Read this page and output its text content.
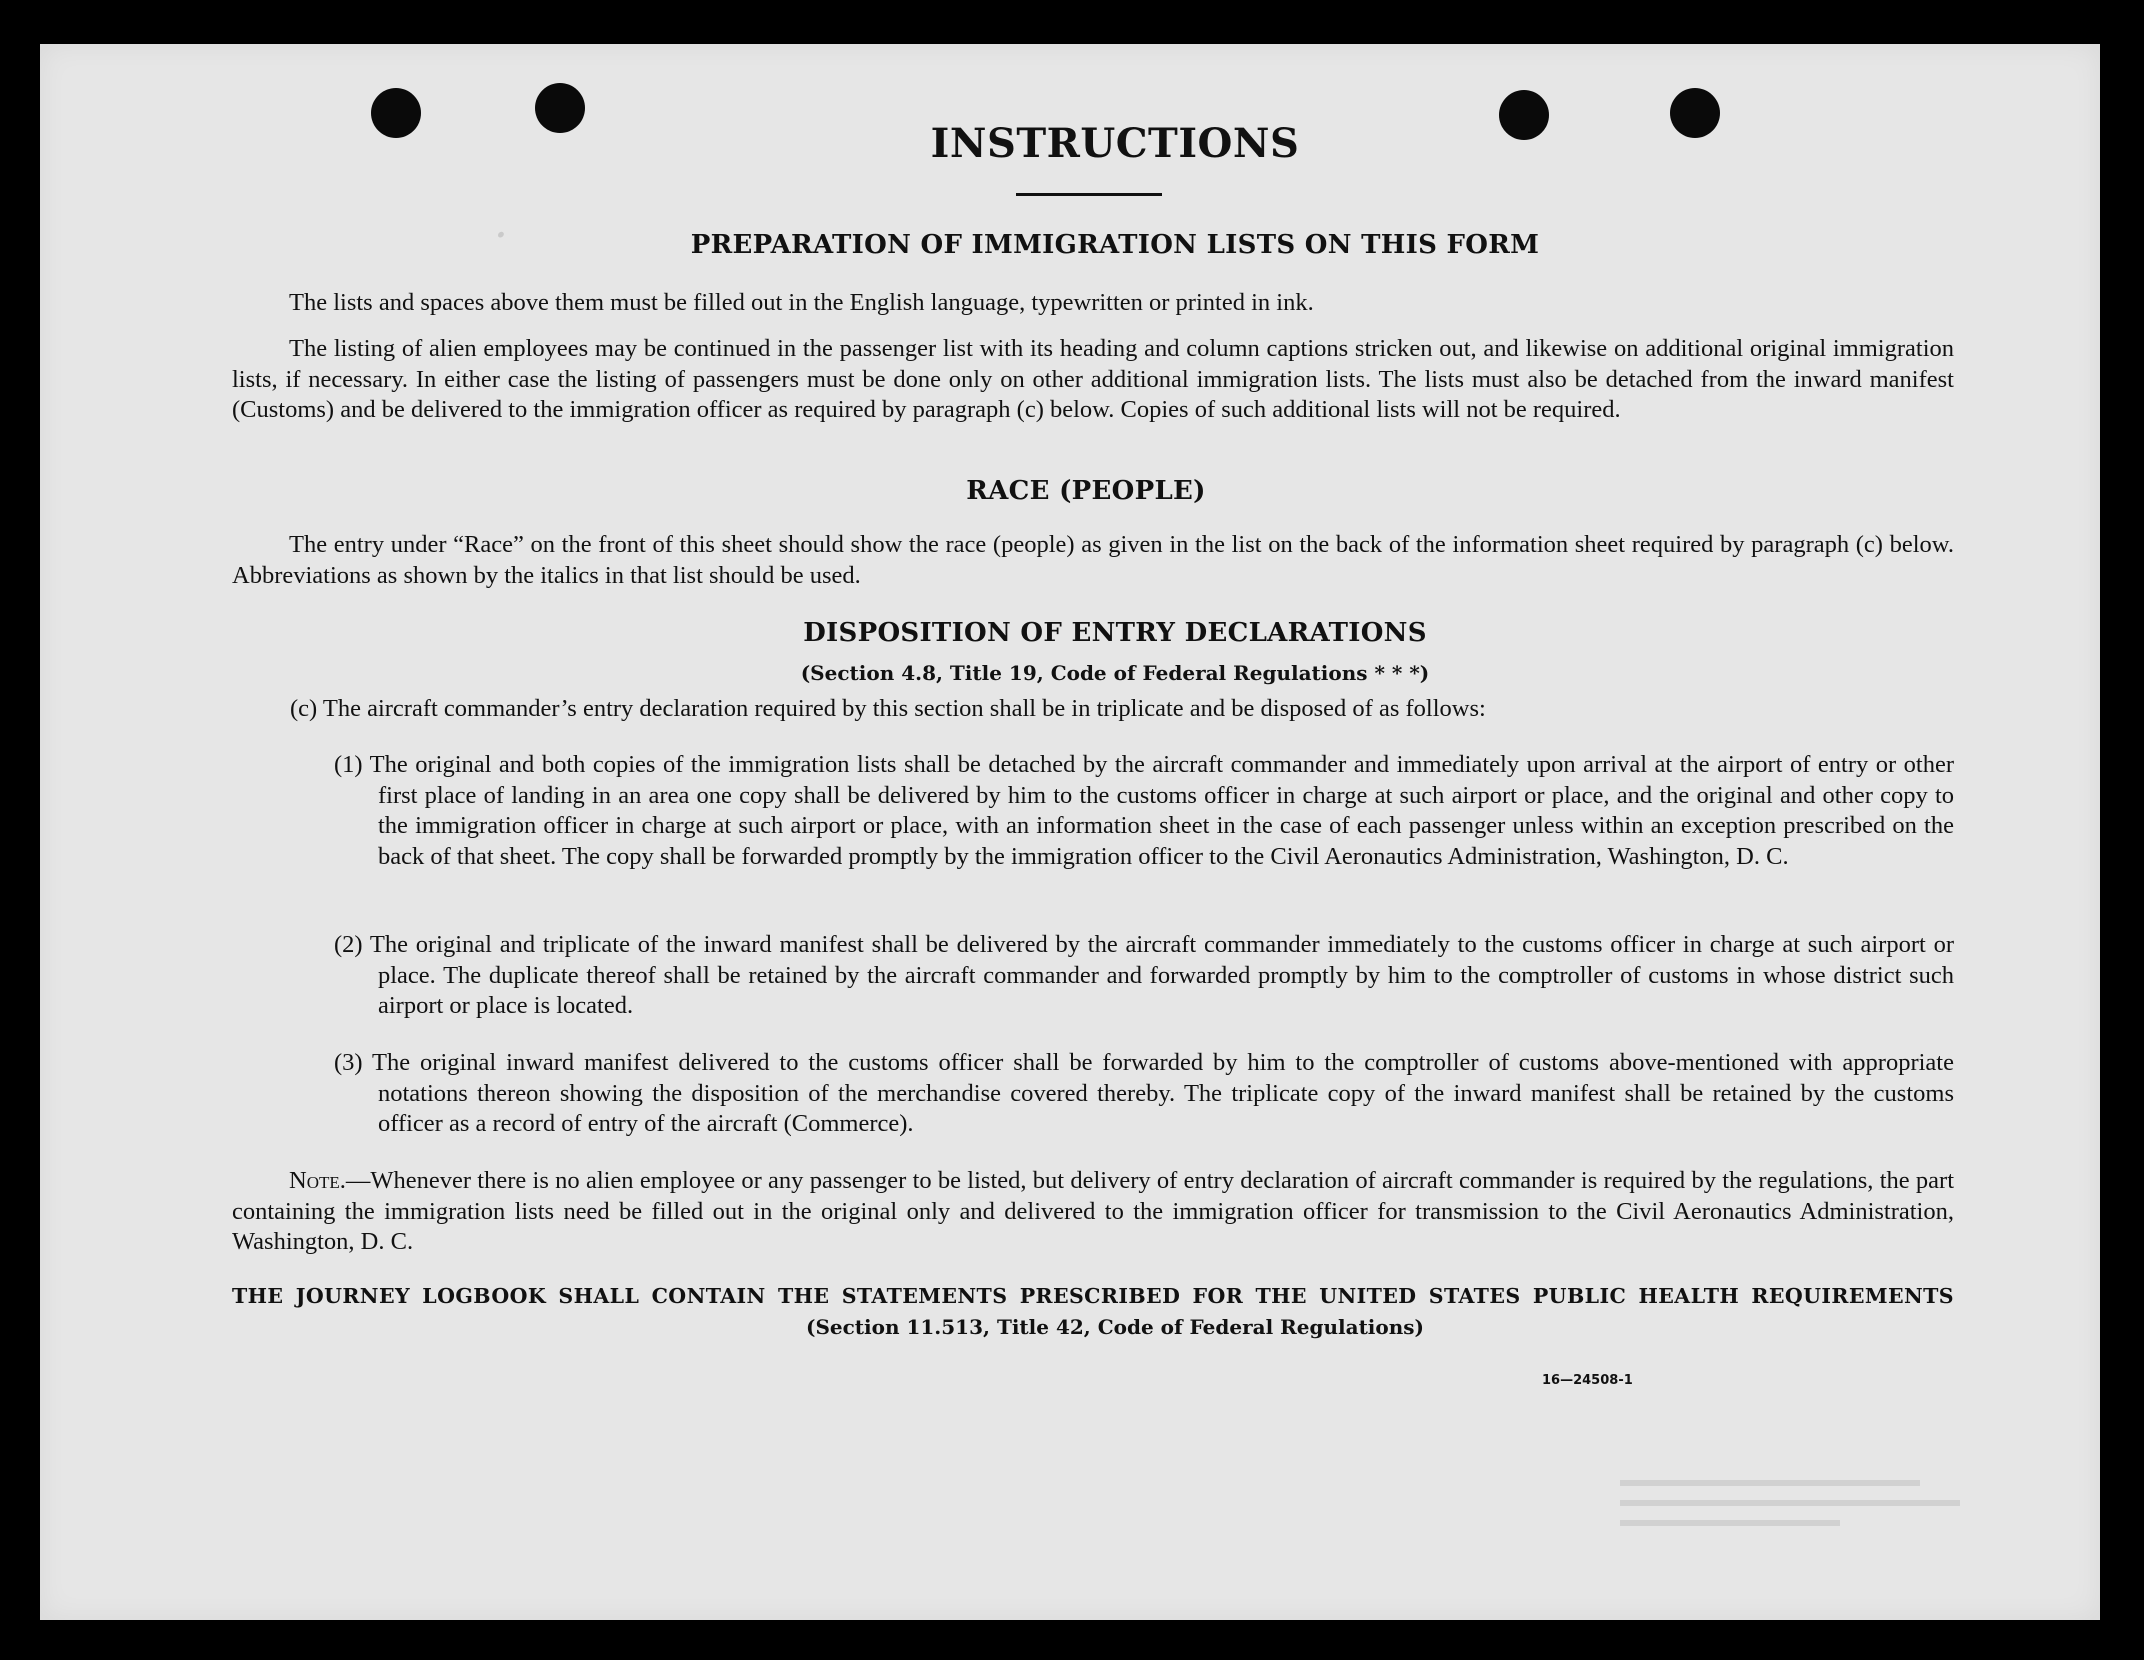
·
INSTRUCTIONS
PREPARATION OF IMMIGRATION LISTS ON THIS FORM
The lists and spaces above them must be filled out in the English language, typewritten or printed in ink.
The listing of alien employees may be continued in the passenger list with its heading and column captions stricken out, and likewise on additional original immigration lists, if necessary. In either case the listing of passengers must be done only on other additional immigration lists. The lists must also be detached from the inward manifest (Customs) and be delivered to the immigration officer as required by paragraph (c) below. Copies of such additional lists will not be required.
RACE (PEOPLE)
The entry under “Race” on the front of this sheet should show the race (people) as given in the list on the back of the information sheet required by paragraph (c) below. Abbreviations as shown by the italics in that list should be used.
DISPOSITION OF ENTRY DECLARATIONS
(Section 4.8, Title 19, Code of Federal Regulations * * *)
(c) The aircraft commander’s entry declaration required by this section shall be in triplicate and be disposed of as follows:
(1) The original and both copies of the immigration lists shall be detached by the aircraft commander and immediately upon arrival at the airport of entry or other first place of landing in an area one copy shall be delivered by him to the customs officer in charge at such airport or place, and the original and other copy to the immigration officer in charge at such airport or place, with an information sheet in the case of each passenger unless within an exception prescribed on the back of that sheet. The copy shall be forwarded promptly by the immigration officer to the Civil Aeronautics Administration, Washington, D. C.
(2) The original and triplicate of the inward manifest shall be delivered by the aircraft commander immediately to the customs officer in charge at such airport or place. The duplicate thereof shall be retained by the aircraft commander and forwarded promptly by him to the comptroller of customs in whose district such airport or place is located.
(3) The original inward manifest delivered to the customs officer shall be forwarded by him to the comptroller of customs above-mentioned with appropriate notations thereon showing the disposition of the merchandise covered thereby. The triplicate copy of the inward manifest shall be retained by the customs officer as a record of entry of the aircraft (Commerce).
Note.—Whenever there is no alien employee or any passenger to be listed, but delivery of entry declaration of aircraft commander is required by the regulations, the part containing the immigration lists need be filled out in the original only and delivered to the immigration officer for transmission to the Civil Aeronautics Administration, Washington, D. C.
THE JOURNEY LOGBOOK SHALL CONTAIN THE STATEMENTS PRESCRIBED FOR THE UNITED STATES PUBLIC HEALTH REQUIREMENTS
(Section 11.513, Title 42, Code of Federal Regulations)
16—24508-1
